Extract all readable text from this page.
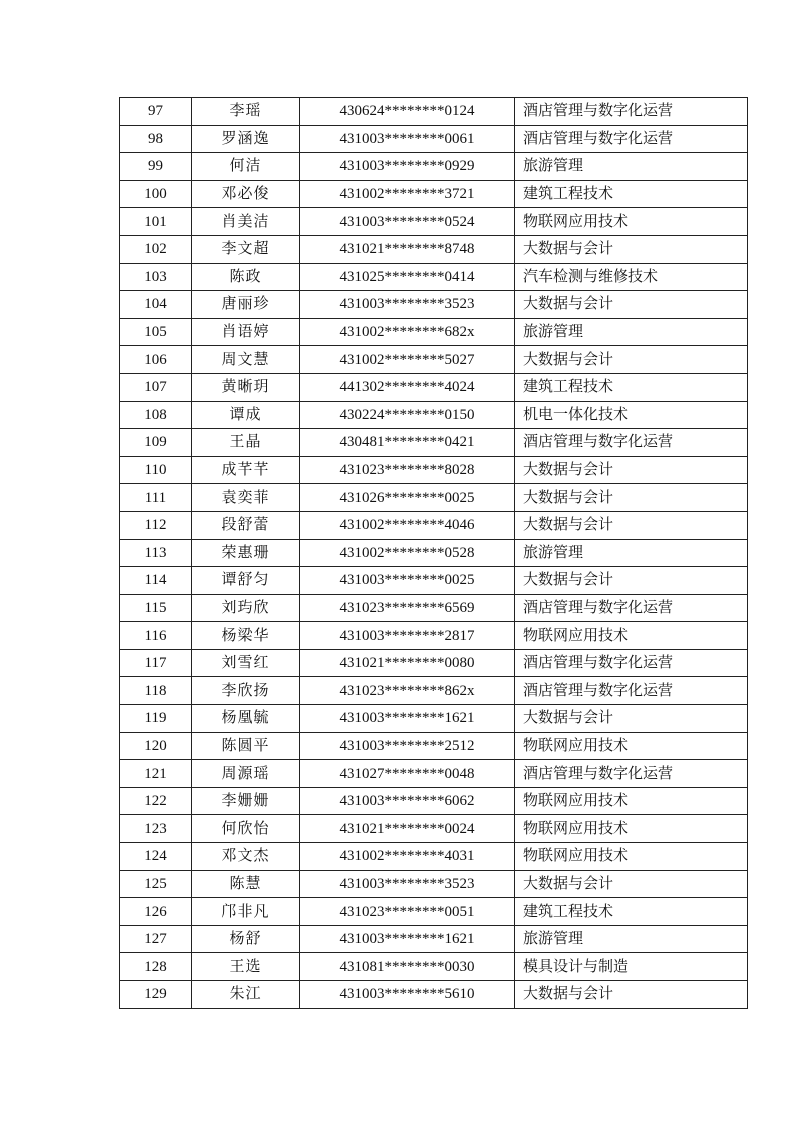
97	李瑶	430624********0124	酒店管理与数字化运营
98	罗涵逸	431003********0061	酒店管理与数字化运营
99	何洁	431003********0929	旅游管理
100	邓必俊	431002********3721	建筑工程技术
101	肖美洁	431003********0524	物联网应用技术
102	李文超	431021********8748	大数据与会计
103	陈政	431025********0414	汽车检测与维修技术
104	唐丽珍	431003********3523	大数据与会计
105	肖语婷	431002********682x	旅游管理
106	周文慧	431002********5027	大数据与会计
107	黄晰玥	441302********4024	建筑工程技术
108	谭成	430224********0150	机电一体化技术
109	王晶	430481********0421	酒店管理与数字化运营
110	成芊芊	431023********8028	大数据与会计
111	袁奕菲	431026********0025	大数据与会计
112	段舒蕾	431002********4046	大数据与会计
113	荣惠珊	431002********0528	旅游管理
114	谭舒匀	431003********0025	大数据与会计
115	刘玙欣	431023********6569	酒店管理与数字化运营
116	杨梁华	431003********2817	物联网应用技术
117	刘雪红	431021********0080	酒店管理与数字化运营
118	李欣扬	431023********862x	酒店管理与数字化运营
119	杨凰毓	431003********1621	大数据与会计
120	陈圆平	431003********2512	物联网应用技术
121	周源瑶	431027********0048	酒店管理与数字化运营
122	李姗姗	431003********6062	物联网应用技术
123	何欣怡	431021********0024	物联网应用技术
124	邓文杰	431002********4031	物联网应用技术
125	陈慧	431003********3523	大数据与会计
126	邝非凡	431023********0051	建筑工程技术
127	杨舒	431003********1621	旅游管理
128	王选	431081********0030	模具设计与制造
129	朱江	431003********5610	大数据与会计
